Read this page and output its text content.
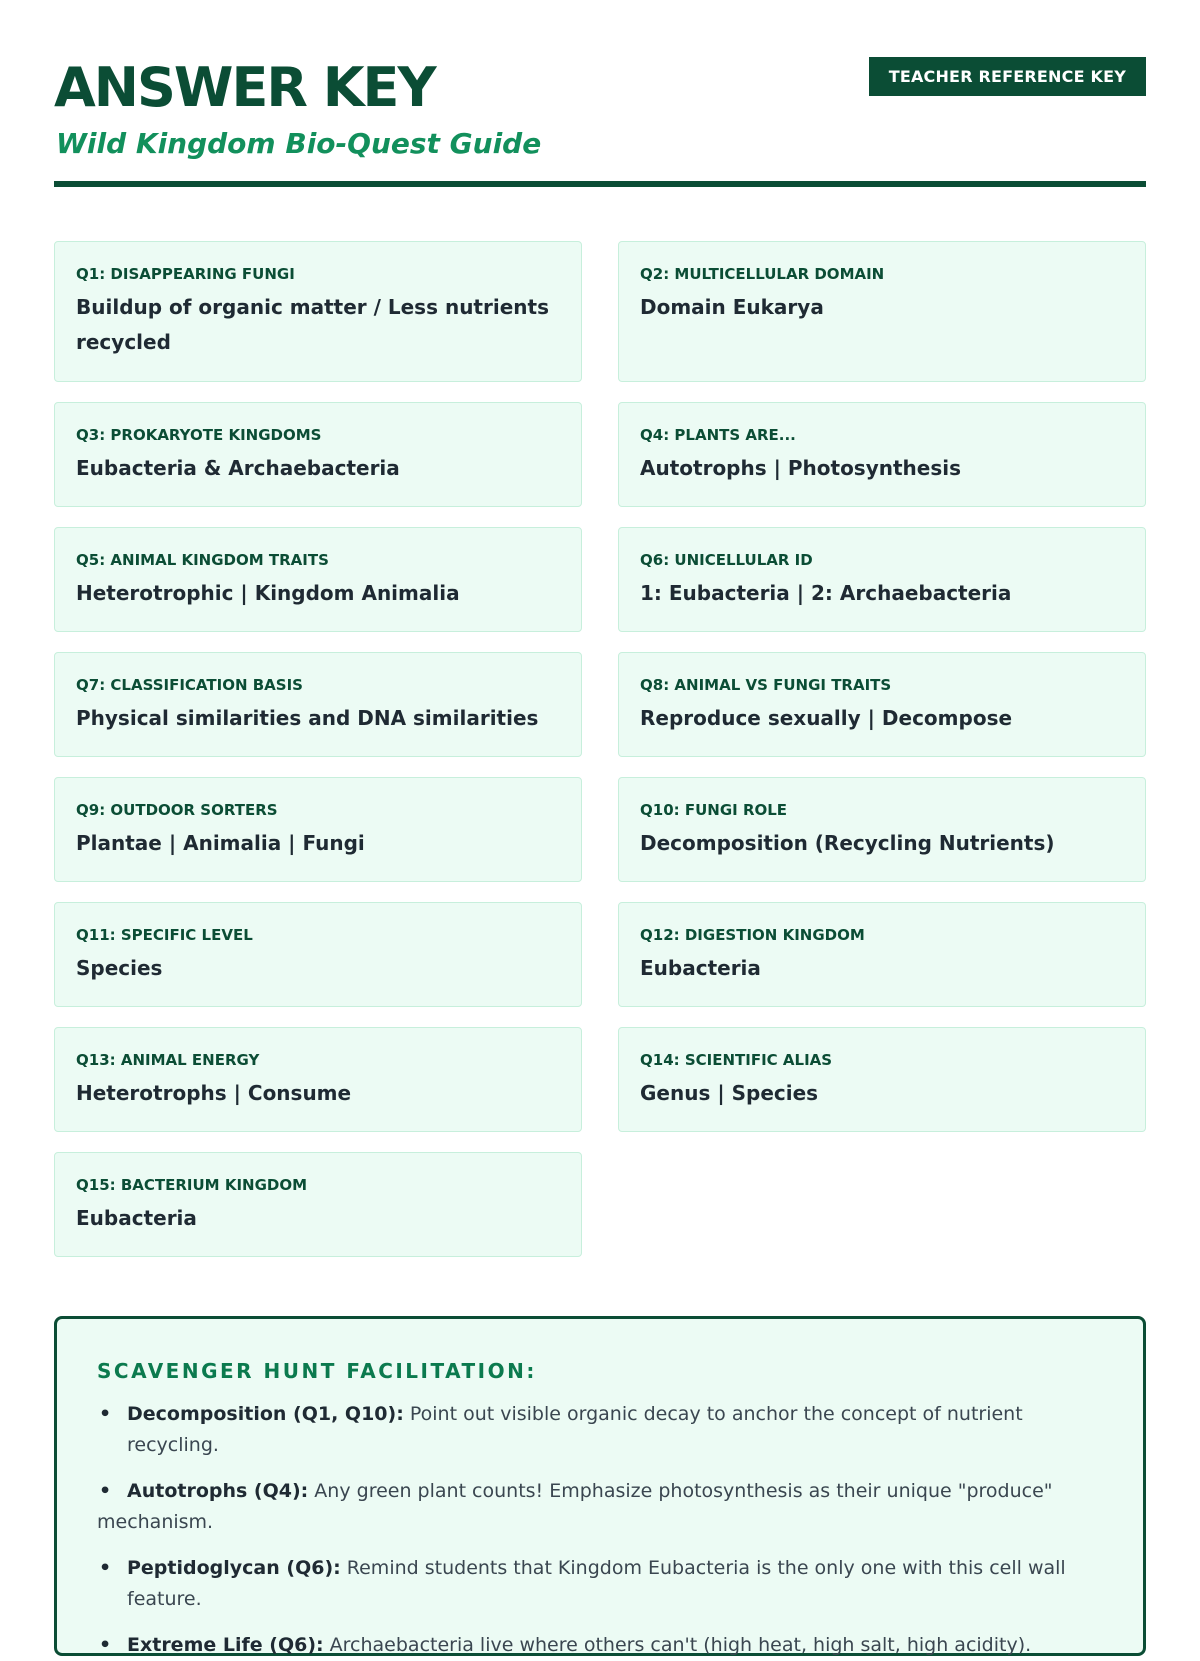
ANSWER KEY
Wild Kingdom Bio-Quest Guide
TEACHER REFERENCE KEY
Q1: DISAPPEARING FUNGI
Buildup of organic matter / Less nutrients recycled
Q2: MULTICELLULAR DOMAIN
Domain Eukarya
Q3: PROKARYOTE KINGDOMS
Eubacteria & Archaebacteria
Q4: PLANTS ARE...
Autotrophs | Photosynthesis
Q5: ANIMAL KINGDOM TRAITS
Heterotrophic | Kingdom Animalia
Q6: UNICELLULAR ID
1: Eubacteria | 2: Archaebacteria
Q7: CLASSIFICATION BASIS
Physical similarities and DNA similarities
Q8: ANIMAL VS FUNGI TRAITS
Reproduce sexually | Decompose
Q9: OUTDOOR SORTERS
Plantae | Animalia | Fungi
Q10: FUNGI ROLE
Decomposition (Recycling Nutrients)
Q11: SPECIFIC LEVEL
Species
Q12: DIGESTION KINGDOM
Eubacteria
Q13: ANIMAL ENERGY
Heterotrophs | Consume
Q14: SCIENTIFIC ALIAS
Genus | Species
Q15: BACTERIUM KINGDOM
Eubacteria
SCAVENGER HUNT FACILITATION:
• Decomposition (Q1, Q10): Point out visible organic decay to anchor the concept of nutrient recycling.
• Autotrophs (Q4): Any green plant counts! Emphasize photosynthesis as their unique "produce" mechanism.
• Peptidoglycan (Q6): Remind students that Kingdom Eubacteria is the only one with this cell wall feature.
• Extreme Life (Q6): Archaebacteria live where others can't (high heat, high salt, high acidity).
